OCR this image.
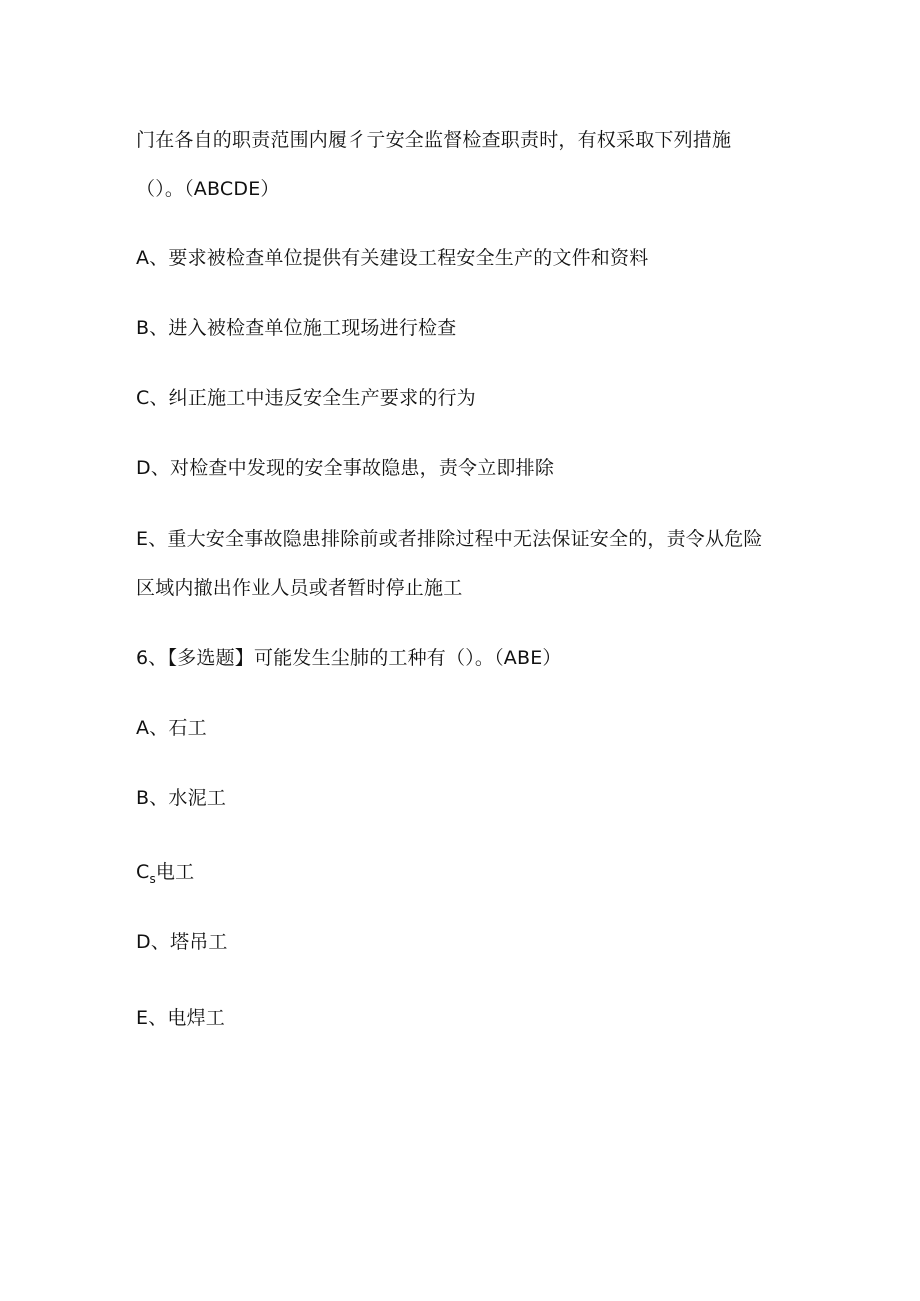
门在各自的职责范围内履彳亍安全监督检查职责时，有权采取下列措施
（）。（ABCDE）
A、要求被检查单位提供有关建设工程安全生产的文件和资料
B、进入被检查单位施工现场进行检查
C、纠正施工中违反安全生产要求的行为
D、对检查中发现的安全事故隐患，责令立即排除
E、重大安全事故隐患排除前或者排除过程中无法保证安全的，责令从危险
区域内撤出作业人员或者暂时停止施工
6、【多选题】可能发生尘肺的工种有（）。（ABE）
A、石工
B、水泥工
$C_s$电工
D、塔吊工
E、电焊工
